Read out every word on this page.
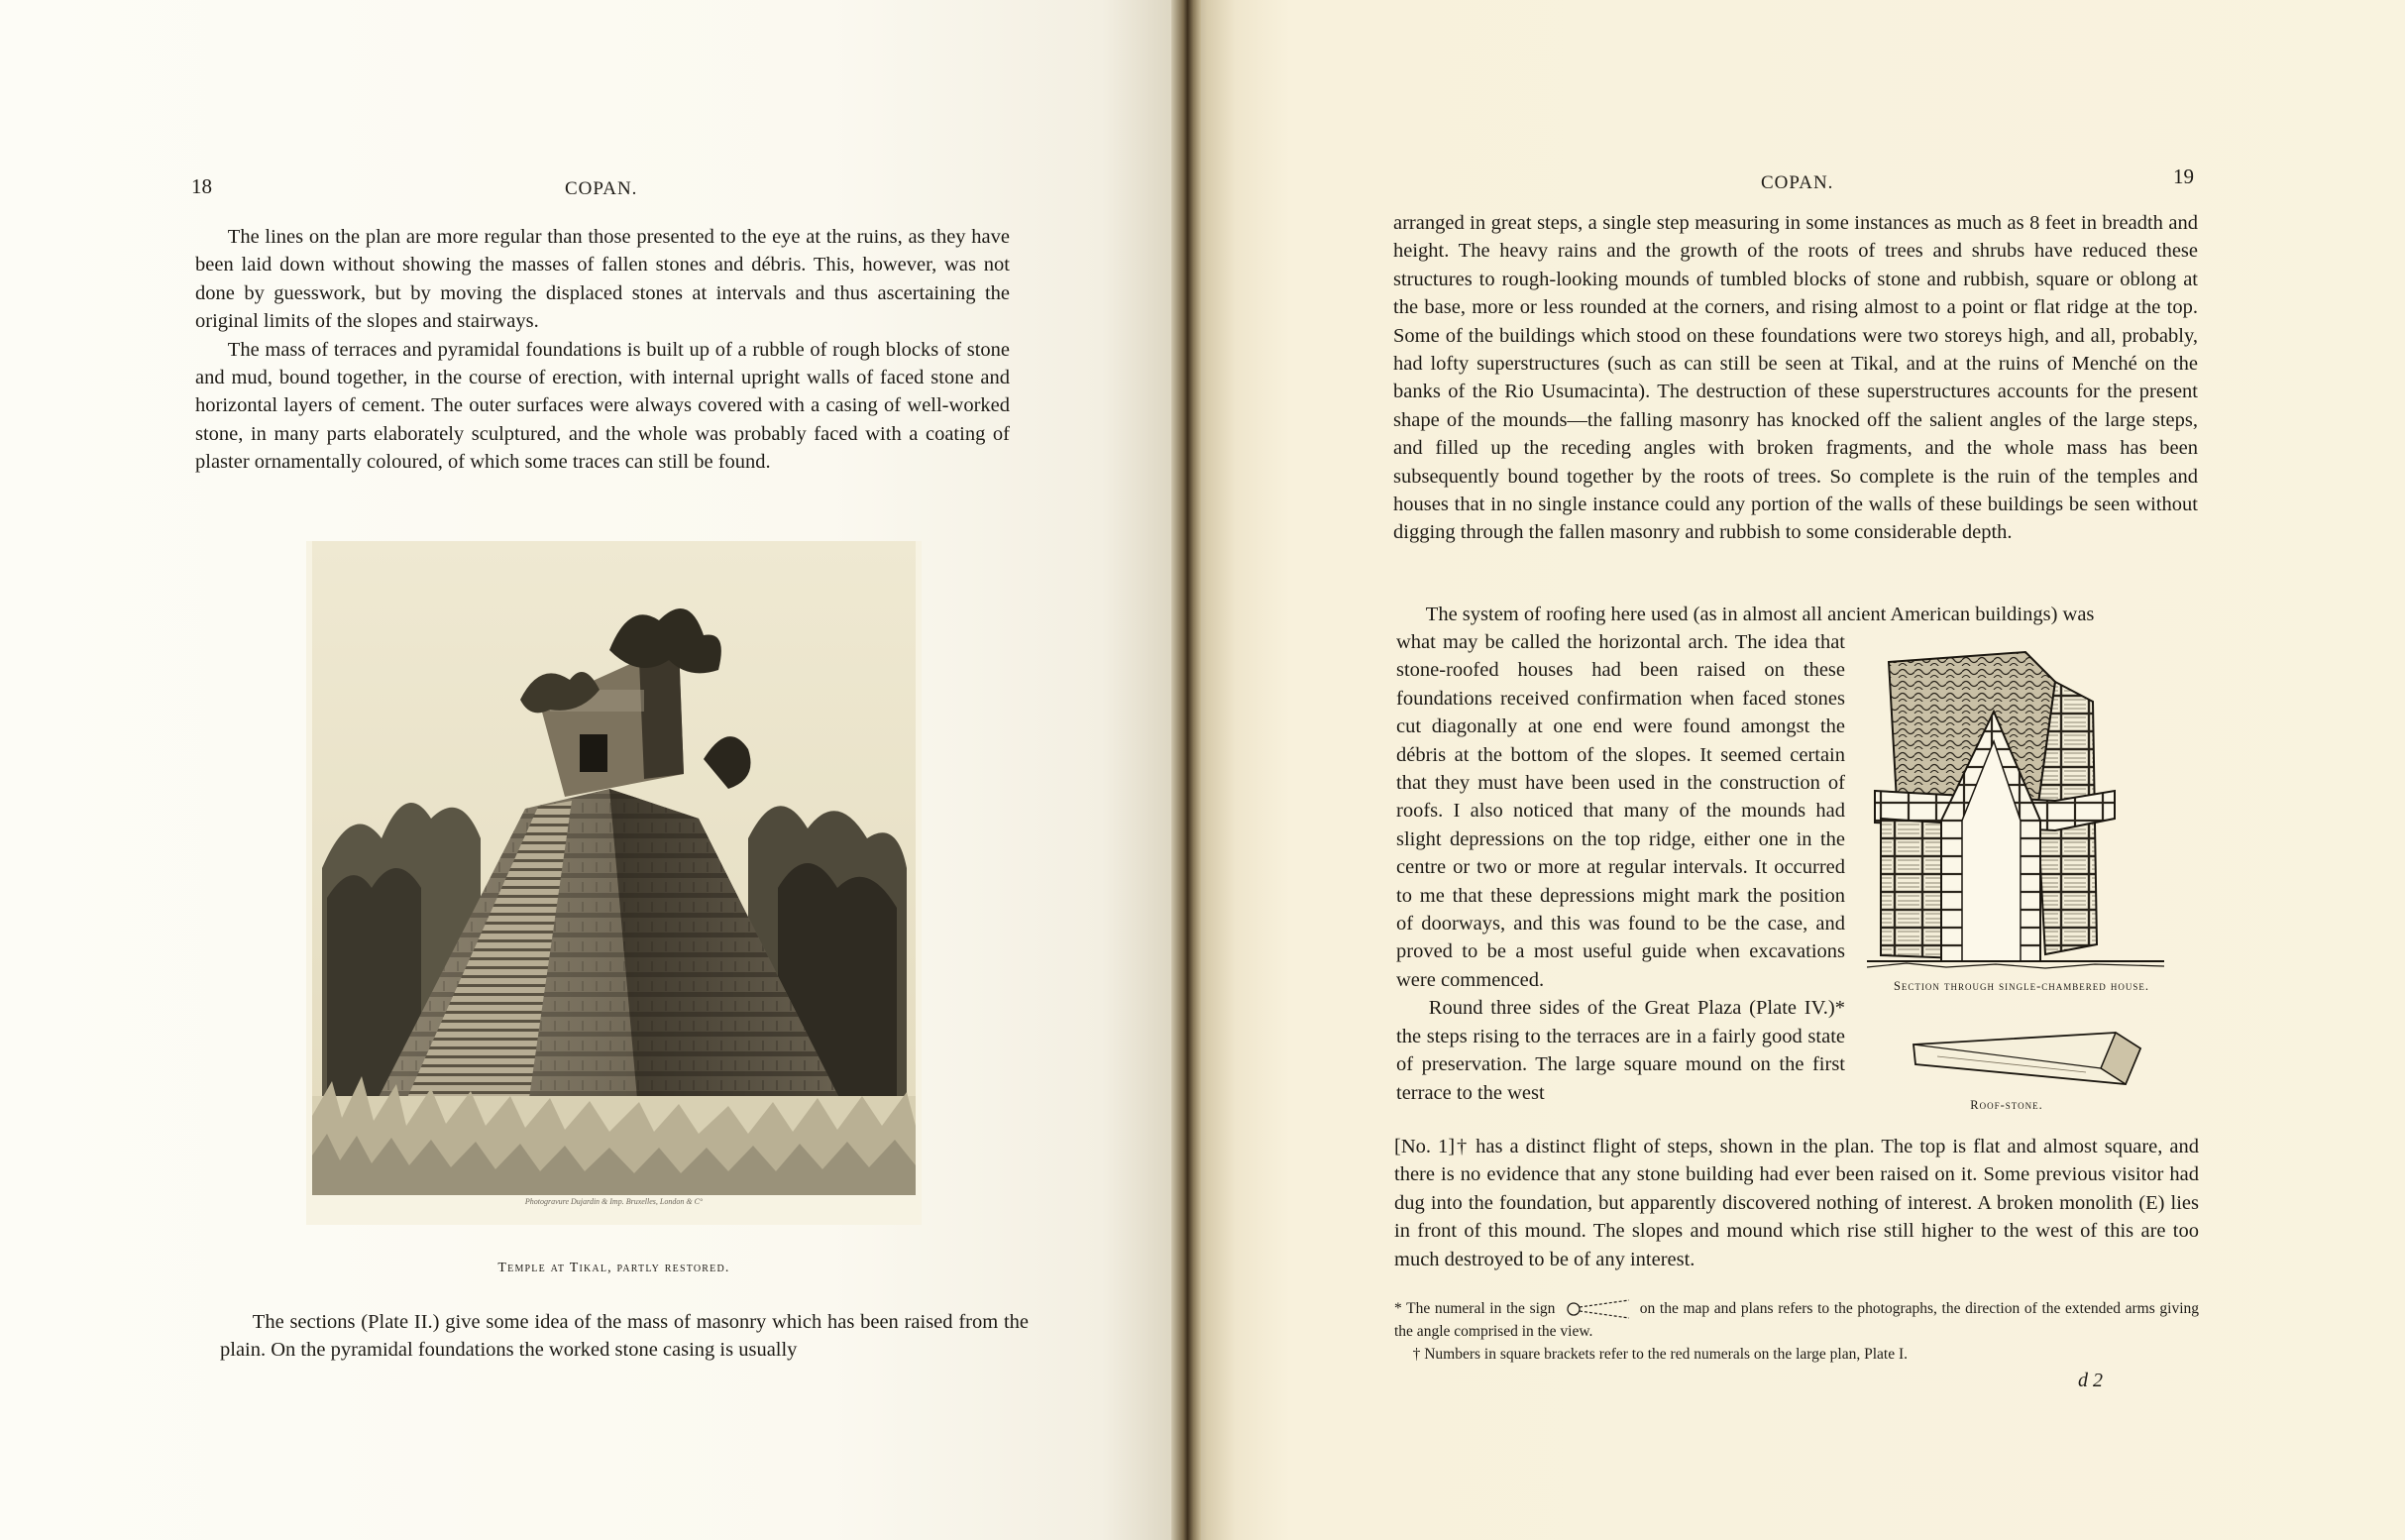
18	COPAN.

The lines on the plan are more regular than those presented to the eye at the ruins, as they have been laid down without showing the masses of fallen stones and débris. This, however, was not done by guesswork, but by moving the displaced stones at intervals and thus ascertaining the original limits of the slopes and stairways.

The mass of terraces and pyramidal foundations is built up of a rubble of rough blocks of stone and mud, bound together, in the course of erection, with internal upright walls of faced stone and horizontal layers of cement. The outer surfaces were always covered with a casing of well-worked stone, in many parts elaborately sculptured, and the whole was probably faced with a coating of plaster ornamentally coloured, of which some traces can still be found.

Photogravure Dujardin & Imp. Bruxelles, London & C°
Temple at Tikal, partly restored.

The sections (Plate II.) give some idea of the mass of masonry which has been raised from the plain. On the pyramidal foundations the worked stone casing is usually

COPAN.	19

arranged in great steps, a single step measuring in some instances as much as 8 feet in breadth and height. The heavy rains and the growth of the roots of trees and shrubs have reduced these structures to rough-looking mounds of tumbled blocks of stone and rubbish, square or oblong at the base, more or less rounded at the corners, and rising almost to a point or flat ridge at the top. Some of the buildings which stood on these foundations were two storeys high, and all, probably, had lofty superstructures (such as can still be seen at Tikal, and at the ruins of Menché on the banks of the Rio Usumacinta). The destruction of these superstructures accounts for the present shape of the mounds—the falling masonry has knocked off the salient angles of the large steps, and filled up the receding angles with broken fragments, and the whole mass has been subsequently bound together by the roots of trees. So complete is the ruin of the temples and houses that in no single instance could any portion of the walls of these buildings be seen without digging through the fallen masonry and rubbish to some considerable depth.

The system of roofing here used (as in almost all ancient American buildings) was

what may be called the horizontal arch. The idea that stone-roofed houses had been raised on these foundations received confirmation when faced stones cut diagonally at one end were found amongst the débris at the bottom of the slopes. It seemed certain that they must have been used in the construction of roofs. I also noticed that many of the mounds had slight depressions on the top ridge, either one in the centre or two or more at regular intervals. It occurred to me that these depressions might mark the position of doorways, and this was found to be the case, and proved to be a most useful guide when excavations were commenced.

Round three sides of the Great Plaza (Plate IV.)* the steps rising to the terraces are in a fairly good state of preservation. The large square mound on the first terrace to the west

Section through single-chambered house.
Roof-stone.

[No. 1]† has a distinct flight of steps, shown in the plan. The top is flat and almost square, and there is no evidence that any stone building had ever been raised on it. Some previous visitor had dug into the foundation, but apparently discovered nothing of interest. A broken monolith (E) lies in front of this mound. The slopes and mound which rise still higher to the west of this are too much destroyed to be of any interest.

* The numeral in the sign	on the map and plans refers to the photographs, the direction of the extended arms giving the angle comprised in the view.

† Numbers in square brackets refer to the red numerals on the large plan, Plate I.

d 2
